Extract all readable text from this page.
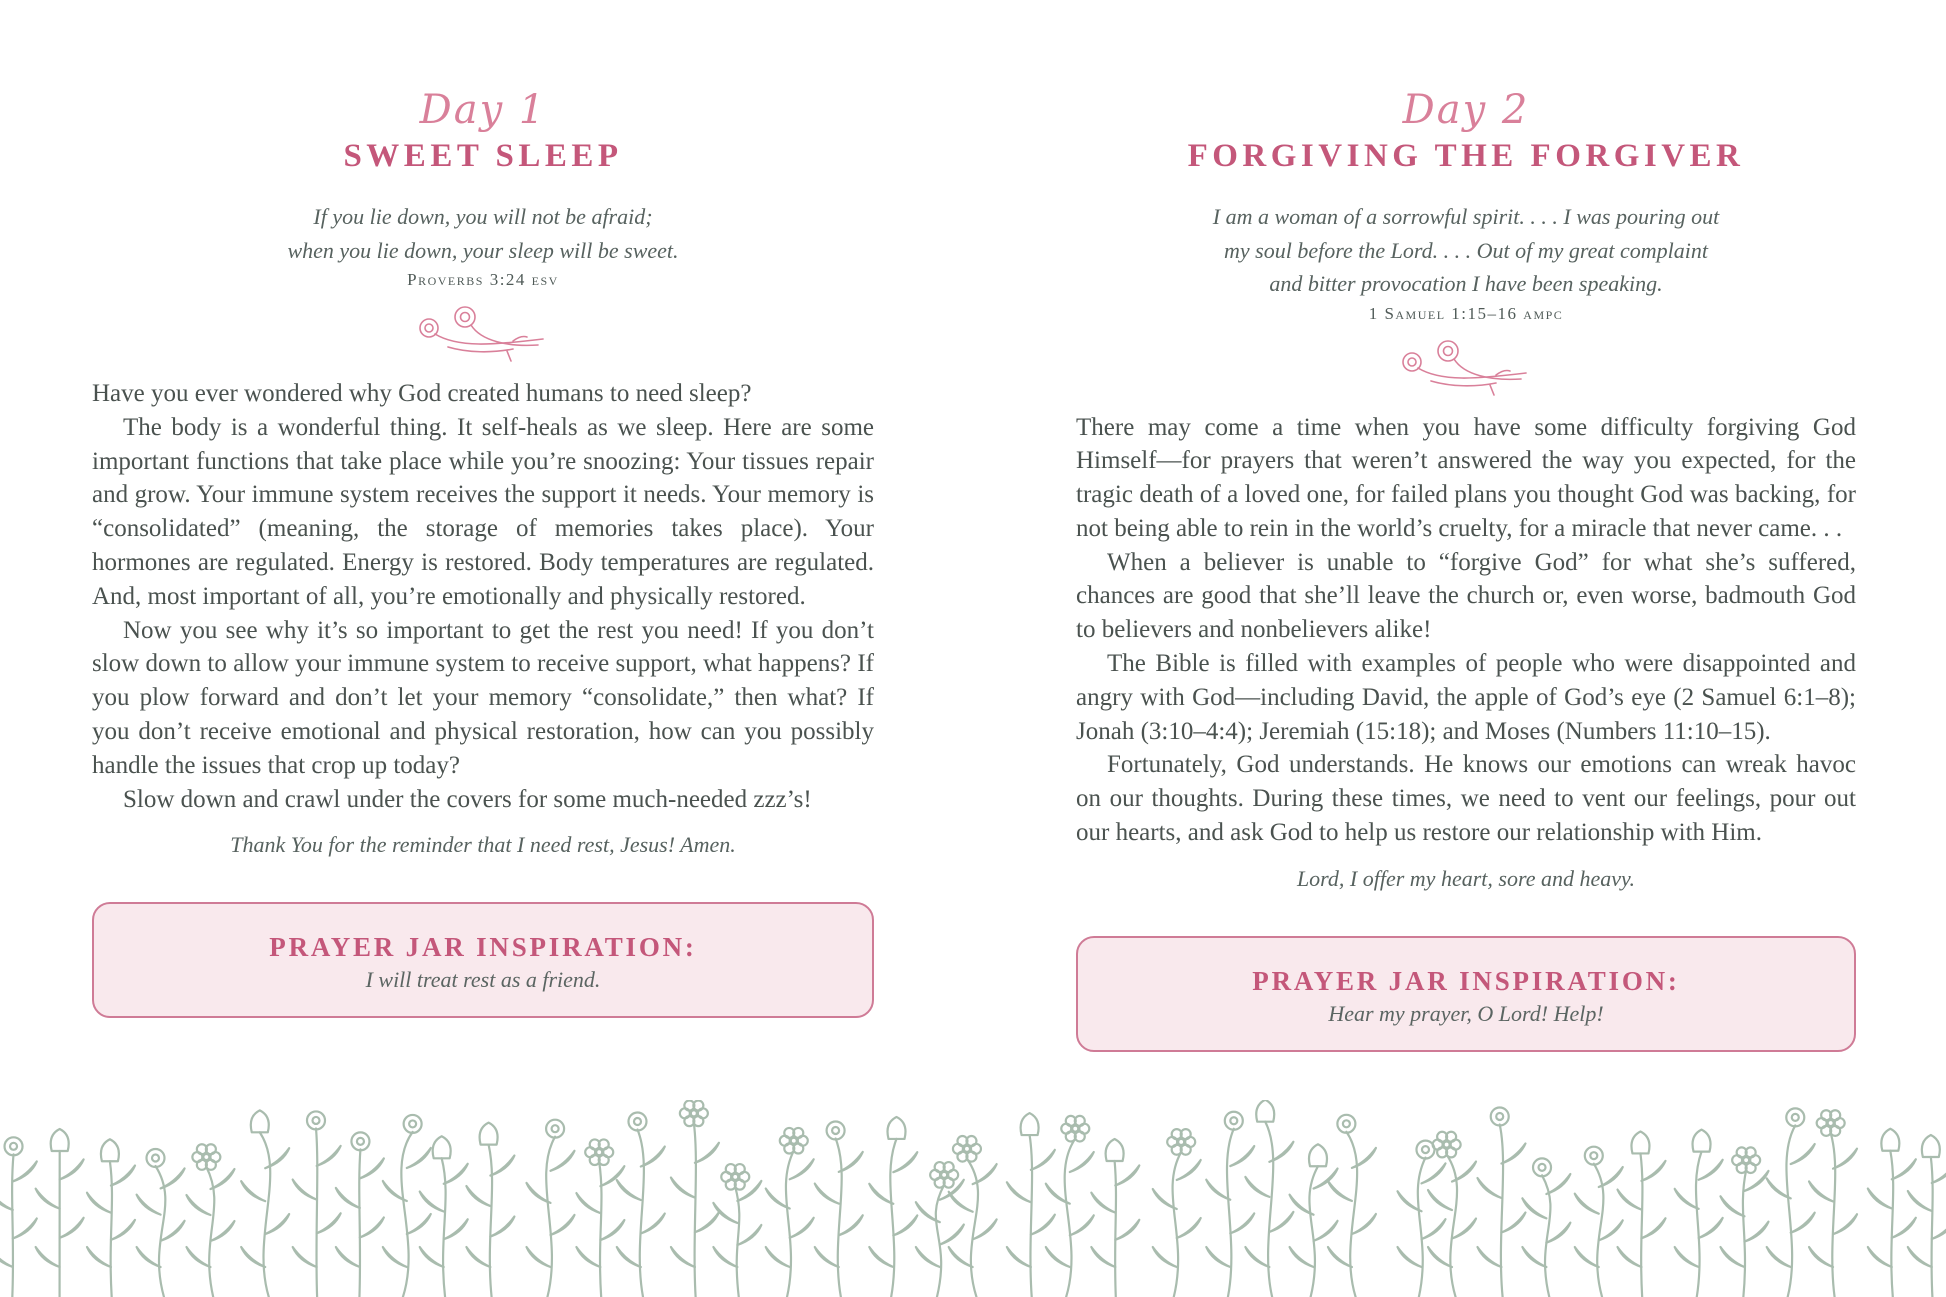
Day 1
SWEET SLEEP
If you lie down, you will not be afraid;
when you lie down, your sleep will be sweet.
Proverbs 3:24 esv

Have you ever wondered why God created humans to need sleep?

The body is a wonderful thing. It self-heals as we sleep. Here are some important functions that take place while you’re snoozing: Your tissues repair and grow. Your immune system receives the support it needs. Your memory is “consolidated” (meaning, the storage of memories takes place). Your hormones are regulated. Energy is restored. Body temperatures are regulated. And, most important of all, you’re emotionally and physically restored.

Now you see why it’s so important to get the rest you need! If you don’t slow down to allow your immune system to receive support, what happens? If you plow forward and don’t let your memory “consolidate,” then what? If you don’t receive emotional and physical restoration, how can you possibly handle the issues that crop up today?

Slow down and crawl under the covers for some much-needed zzz’s!

Thank You for the reminder that I need rest, Jesus! Amen.
PRAYER JAR INSPIRATION:
I will treat rest as a friend.
Day 2
FORGIVING THE FORGIVER
I am a woman of a sorrowful spirit. . . . I was pouring out
my soul before the Lord. . . . Out of my great complaint
and bitter provocation I have been speaking.
1 Samuel 1:15–16 ampc

There may come a time when you have some difficulty forgiving God Himself—for prayers that weren’t answered the way you expected, for the tragic death of a loved one, for failed plans you thought God was backing, for not being able to rein in the world’s cruelty, for a miracle that never came. . .

When a believer is unable to “forgive God” for what she’s suffered, chances are good that she’ll leave the church or, even worse, badmouth God to believers and nonbelievers alike!

The Bible is filled with examples of people who were disappointed and angry with God—including David, the apple of God’s eye (2 Samuel 6:1–8); Jonah (3:10–4:4); Jeremiah (15:18); and Moses (Numbers 11:10–15).

Fortunately, God understands. He knows our emotions can wreak havoc on our thoughts. During these times, we need to vent our feelings, pour out our hearts, and ask God to help us restore our relationship with Him.

Lord, I offer my heart, sore and heavy.
PRAYER JAR INSPIRATION:
Hear my prayer, O Lord! Help!
